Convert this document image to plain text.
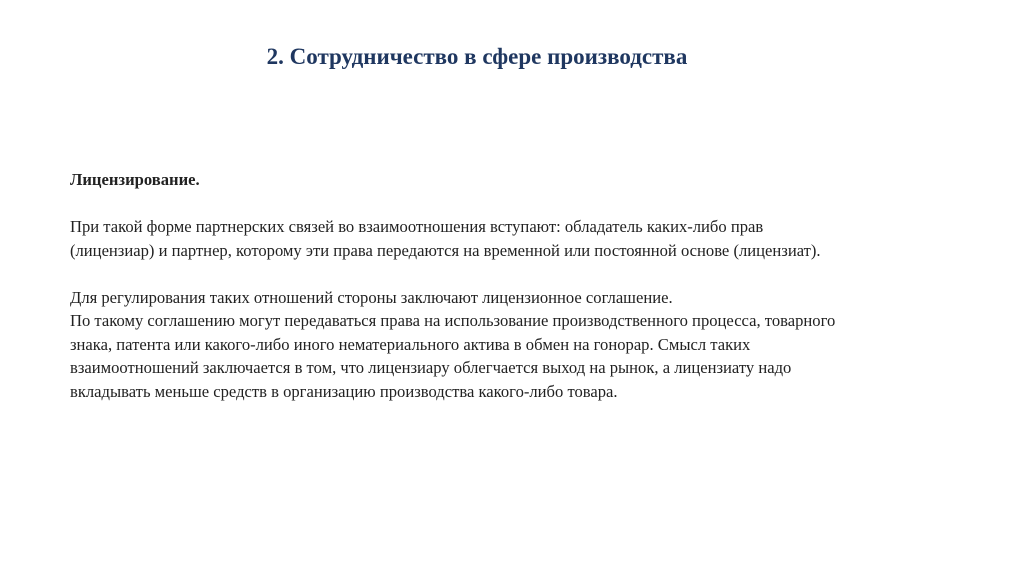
2. Сотрудничество в сфере производства

Лицензирование.

При такой форме партнерских связей во взаимоотношения вступают: обладатель каких-либо прав
(лицензиар) и партнер, которому эти права передаются на временной или постоянной основе (лицензиат).

Для регулирования таких отношений стороны заключают лицензионное соглашение.
По такому соглашению могут передаваться права на использование производственного процесса, товарного
знака, патента или какого-либо иного нематериального актива в обмен на гонорар. Смысл таких
взаимоотношений заключается в том, что лицензиару облегчается выход на рынок, а лицензиату надо
вкладывать меньше средств в организацию производства какого-либо товара.
